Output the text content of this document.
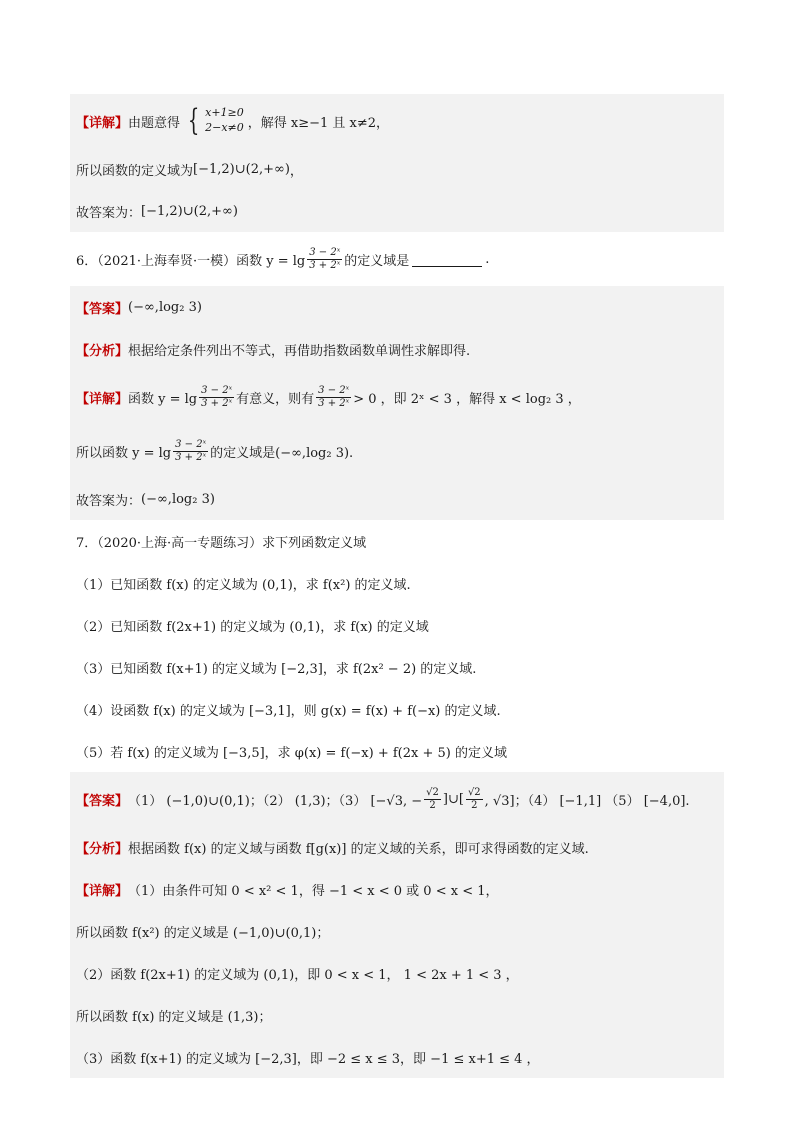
【详解】 由题意得 { x+1≥0
2−x≠0 ，解得 x≥−1 且 x≠2，
所以函数的定义域为 [−1,2)∪(2,+∞) ，
故答案为： [−1,2)∪(2,+∞)
6．（2021·上海奉贤·一模）函数 $y = \lg \frac{\text{3 − 2ˣ}}{\text{3 + 2ˣ}}$ 的定义域是	.
【答案】 (−∞,log₂ 3)
【分析】 根据给定条件列出不等式，再借助指数函数单调性求解即得.
【详解】 函数 $y = \lg \frac{\text{3 − 2ˣ}}{\text{3 + 2ˣ}}$ 有意义，则有 $\frac{\text{3 − 2ˣ}}{\text{3 + 2ˣ}} > 0$ ，即 2ˣ < 3 ，解得 x < log₂ 3 ，
所以函数 $y = \lg \frac{\text{3 − 2ˣ}}{\text{3 + 2ˣ}}$ 的定义域是(−∞,log₂ 3).
故答案为： (−∞,log₂ 3)
7．（2020·上海·高一专题练习）求下列函数定义域
（1）已知函数 f(x) 的定义域为 (0,1)，求 f(x²) 的定义域.
（2）已知函数 f(2x+1) 的定义域为 (0,1)，求 f(x) 的定义域
（3）已知函数 f(x+1) 的定义域为 [−2,3]，求 f(2x² − 2) 的定义域.
（4）设函数 f(x) 的定义域为 [−3,1]，则 g(x) = f(x) + f(−x) 的定义域.
（5）若 f(x) 的定义域为 [−3,5]，求 φ(x) = f(−x) + f(2x + 5) 的定义域
【答案】 （1） (−1,0)∪(0,1)；（2） (1,3)；（3） [−√3, − $\frac{√2}{2}$ ]∪[ $\frac{√2}{2}$ , √3]；（4） [−1,1] （5） [−4,0].
【分析】 根据函数 f(x) 的定义域与函数 f[g(x)] 的定义域的关系，即可求得函数的定义域.
【详解】 （1）由条件可知 0 < x² < 1，得 −1 < x < 0 或 0 < x < 1，
所以函数 f(x²) 的定义域是 (−1,0)∪(0,1)；
（2）函数 f(2x+1) 的定义域为 (0,1)，即 0 < x < 1， 1 < 2x + 1 < 3 ，
所以函数 f(x) 的定义域是 (1,3)；
（3）函数 f(x+1) 的定义域为 [−2,3]，即 −2 ≤ x ≤ 3，即 −1 ≤ x+1 ≤ 4 ，
